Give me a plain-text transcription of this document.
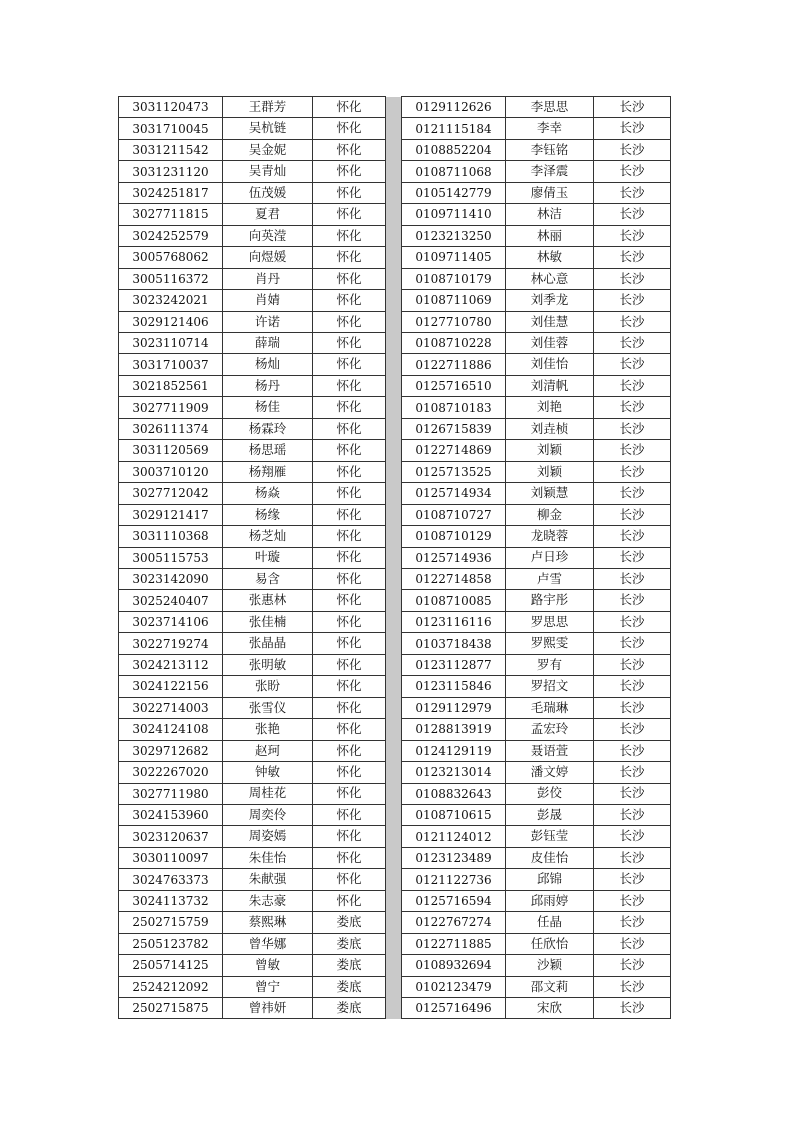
3031120473	王群芳	怀化		0129112626	李思思	长沙
3031710045	吴杭链	怀化		0121115184	李幸	长沙
3031211542	吴金妮	怀化		0108852204	李钰铭	长沙
3031231120	吴青灿	怀化		0108711068	李泽震	长沙
3024251817	伍茂媛	怀化		0105142779	廖倩玉	长沙
3027711815	夏君	怀化		0109711410	林洁	长沙
3024252579	向英滢	怀化		0123213250	林丽	长沙
3005768062	向煜媛	怀化		0109711405	林敏	长沙
3005116372	肖丹	怀化		0108710179	林心意	长沙
3023242021	肖婧	怀化		0108711069	刘季龙	长沙
3029121406	许诺	怀化		0127710780	刘佳慧	长沙
3023110714	薛瑞	怀化		0108710228	刘佳蓉	长沙
3031710037	杨灿	怀化		0122711886	刘佳怡	长沙
3021852561	杨丹	怀化		0125716510	刘清帆	长沙
3027711909	杨佳	怀化		0108710183	刘艳	长沙
3026111374	杨霖玲	怀化		0126715839	刘垚桢	长沙
3031120569	杨思瑶	怀化		0122714869	刘颖	长沙
3003710120	杨翔雁	怀化		0125713525	刘颖	长沙
3027712042	杨焱	怀化		0125714934	刘颖慧	长沙
3029121417	杨缘	怀化		0108710727	柳金	长沙
3031110368	杨芝灿	怀化		0108710129	龙晓蓉	长沙
3005115753	叶璇	怀化		0125714936	卢日珍	长沙
3023142090	易含	怀化		0122714858	卢雪	长沙
3025240407	张惠林	怀化		0108710085	路宇彤	长沙
3023714106	张佳楠	怀化		0123116116	罗思思	长沙
3022719274	张晶晶	怀化		0103718438	罗熙雯	长沙
3024213112	张明敏	怀化		0123112877	罗有	长沙
3024122156	张盼	怀化		0123115846	罗招文	长沙
3022714003	张雪仪	怀化		0129112979	毛瑞琳	长沙
3024124108	张艳	怀化		0128813919	孟宏玲	长沙
3029712682	赵珂	怀化		0124129119	聂语萱	长沙
3022267020	钟敏	怀化		0123213014	潘文婷	长沙
3027711980	周桂花	怀化		0108832643	彭佼	长沙
3024153960	周奕伶	怀化		0108710615	彭晟	长沙
3023120637	周姿嫣	怀化		0121124012	彭钰莹	长沙
3030110097	朱佳怡	怀化		0123123489	皮佳怡	长沙
3024763373	朱献强	怀化		0121122736	邱锦	长沙
3024113732	朱志豪	怀化		0125716594	邱雨婷	长沙
2502715759	蔡熙琳	娄底		0122767274	任晶	长沙
2505123782	曾华娜	娄底		0122711885	任欣怡	长沙
2505714125	曾敏	娄底		0108932694	沙颖	长沙
2524212092	曾宁	娄底		0102123479	邵文莉	长沙
2502715875	曾祎妍	娄底		0125716496	宋欣	长沙
